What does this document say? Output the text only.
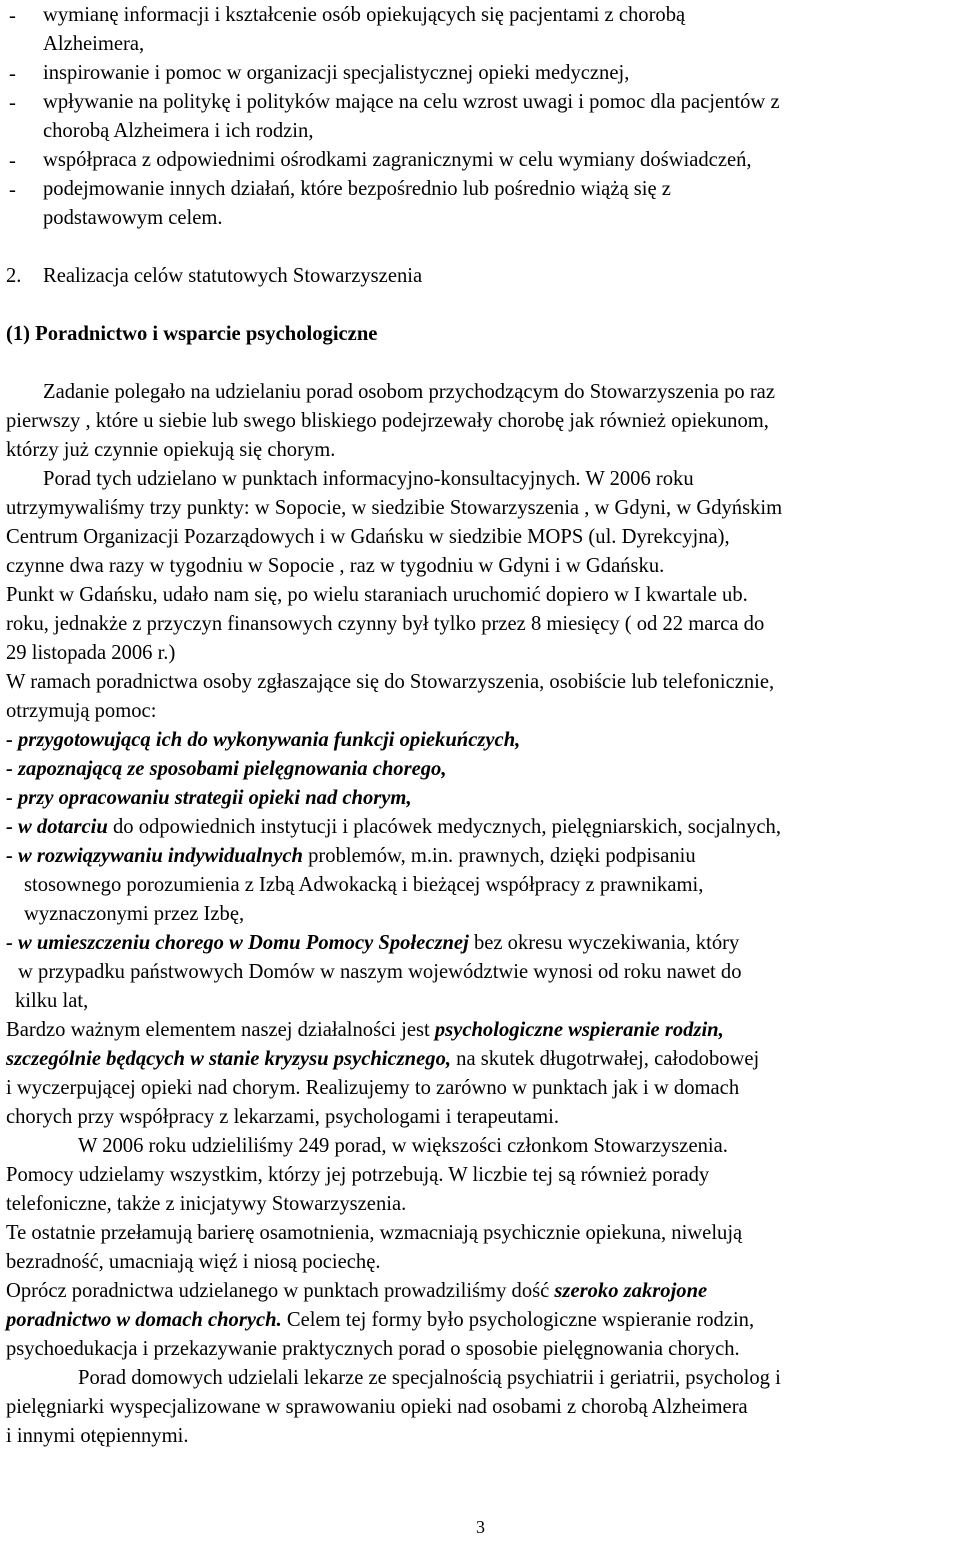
- wymianę informacji i kształcenie osób opiekujących się pacjentami z chorobą
Alzheimera,
- inspirowanie i pomoc w organizacji specjalistycznej opieki medycznej,
- wpływanie na politykę i polityków mające na celu wzrost uwagi i pomoc dla pacjentów z
chorobą Alzheimera i ich rodzin,
- współpraca z odpowiednimi ośrodkami zagranicznymi w celu wymiany doświadczeń,
- podejmowanie innych działań, które bezpośrednio lub pośrednio wiążą się z
podstawowym celem.
2. Realizacja celów statutowych Stowarzyszenia
(1) Poradnictwo i wsparcie psychologiczne
Zadanie polegało na udzielaniu porad osobom przychodzącym do Stowarzyszenia po raz
pierwszy , które u siebie lub swego bliskiego podejrzewały chorobę jak również opiekunom,
którzy już czynnie opiekują się chorym.
Porad tych udzielano w punktach informacyjno-konsultacyjnych. W 2006 roku
utrzymywaliśmy trzy punkty: w Sopocie, w siedzibie Stowarzyszenia , w Gdyni, w Gdyńskim
Centrum Organizacji Pozarządowych i w Gdańsku w siedzibie MOPS (ul. Dyrekcyjna),
czynne dwa razy w tygodniu w Sopocie , raz w tygodniu w Gdyni i w Gdańsku.
Punkt w Gdańsku, udało nam się, po wielu staraniach uruchomić dopiero w I kwartale ub.
roku, jednakże z przyczyn finansowych czynny był tylko przez 8 miesięcy ( od 22 marca do
29 listopada 2006 r.)
W ramach poradnictwa osoby zgłaszające się do Stowarzyszenia, osobiście lub telefonicznie,
otrzymują pomoc:
- przygotowującą ich do wykonywania funkcji opiekuńczych,
- zapoznającą ze sposobami pielęgnowania chorego,
- przy opracowaniu strategii opieki nad chorym,
- w dotarciu do odpowiednich instytucji i placówek medycznych, pielęgniarskich, socjalnych,
- w rozwiązywaniu indywidualnych problemów, m.in. prawnych, dzięki podpisaniu
stosownego porozumienia z Izbą Adwokacką i bieżącej współpracy z prawnikami,
wyznaczonymi przez Izbę,
- w umieszczeniu chorego w Domu Pomocy Społecznej bez okresu wyczekiwania, który
w przypadku państwowych Domów w naszym województwie wynosi od roku nawet do
kilku lat,
Bardzo ważnym elementem naszej działalności jest psychologiczne wspieranie rodzin,
szczególnie będących w stanie kryzysu psychicznego, na skutek długotrwałej, całodobowej
i wyczerpującej opieki nad chorym. Realizujemy to zarówno w punktach jak i w domach
chorych przy współpracy z lekarzami, psychologami i terapeutami.
W 2006 roku udzieliliśmy 249 porad, w większości członkom Stowarzyszenia.
Pomocy udzielamy wszystkim, którzy jej potrzebują. W liczbie tej są również porady
telefoniczne, także z inicjatywy Stowarzyszenia.
Te ostatnie przełamują barierę osamotnienia, wzmacniają psychicznie opiekuna, niwelują
bezradność, umacniają więź i niosą pociechę.
Oprócz poradnictwa udzielanego w punktach prowadziliśmy dość szeroko zakrojone
poradnictwo w domach chorych. Celem tej formy było psychologiczne wspieranie rodzin,
psychoedukacja i przekazywanie praktycznych porad o sposobie pielęgnowania chorych.
Porad domowych udzielali lekarze ze specjalnością psychiatrii i geriatrii, psycholog i
pielęgniarki wyspecjalizowane w sprawowaniu opieki nad osobami z chorobą Alzheimera
i innymi otępiennymi.
3
